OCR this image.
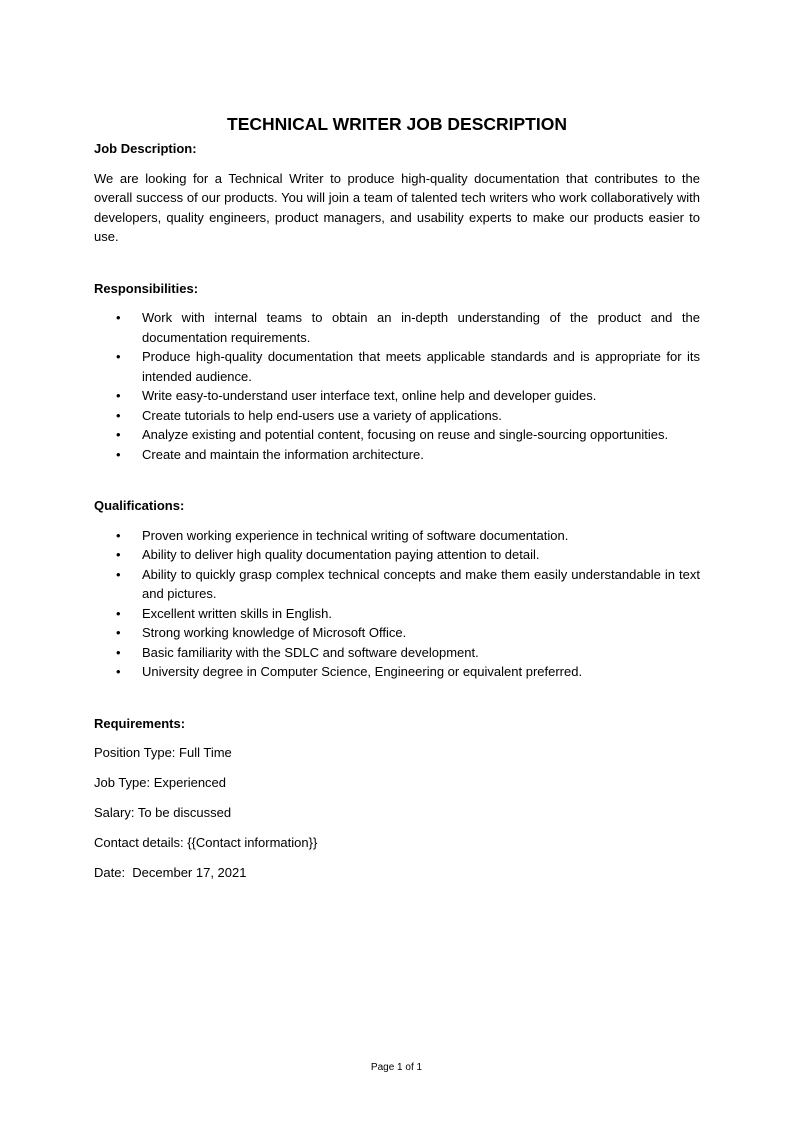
TECHNICAL WRITER JOB DESCRIPTION

Job Description:

We are looking for a Technical Writer to produce high-quality documentation that contributes to the overall success of our products. You will join a team of talented tech writers who work collaboratively with developers, quality engineers, product managers, and usability experts to make our products easier to use.

Responsibilities:

• Work with internal teams to obtain an in-depth understanding of the product and the documentation requirements.
• Produce high-quality documentation that meets applicable standards and is appropriate for its intended audience.
• Write easy-to-understand user interface text, online help and developer guides.
• Create tutorials to help end-users use a variety of applications.
• Analyze existing and potential content, focusing on reuse and single-sourcing opportunities.
• Create and maintain the information architecture.

Qualifications:

• Proven working experience in technical writing of software documentation.
• Ability to deliver high quality documentation paying attention to detail.
• Ability to quickly grasp complex technical concepts and make them easily understandable in text and pictures.
• Excellent written skills in English.
• Strong working knowledge of Microsoft Office.
• Basic familiarity with the SDLC and software development.
• University degree in Computer Science, Engineering or equivalent preferred.

Requirements:

Position Type: Full Time

Job Type: Experienced

Salary: To be discussed

Contact details: {{Contact information}}

Date:  December 17, 2021

Page 1 of 1
